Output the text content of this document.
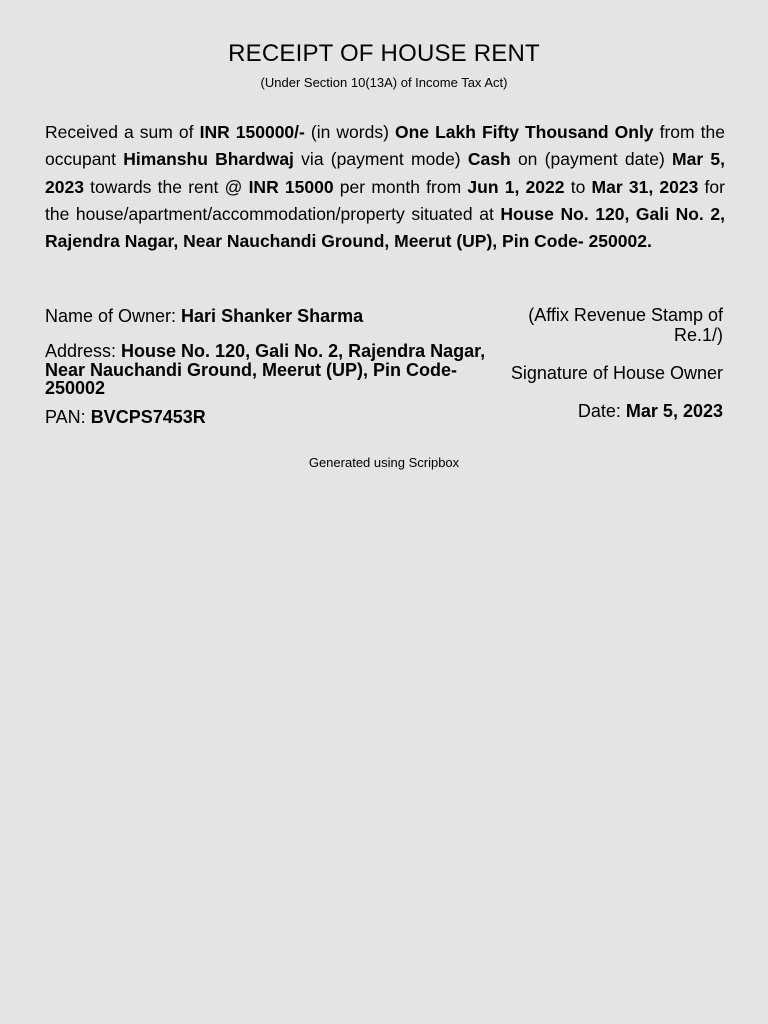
RECEIPT OF HOUSE RENT
(Under Section 10(13A) of Income Tax Act)
Received a sum of INR 150000/- (in words) One Lakh Fifty Thousand Only from the occupant Himanshu Bhardwaj via (payment mode) Cash on (payment date) Mar 5, 2023 towards the rent @ INR 15000 per month from Jun 1, 2022 to Mar 31, 2023 for the house/apartment/accommodation/property situated at House No. 120, Gali No. 2, Rajendra Nagar, Near Nauchandi Ground, Meerut (UP), Pin Code- 250002.
Name of Owner: Hari Shanker Sharma
Address: House No. 120, Gali No. 2, Rajendra Nagar, Near Nauchandi Ground, Meerut (UP), Pin Code-250002
PAN: BVCPS7453R
(Affix Revenue Stamp of Re.1/)
Signature of House Owner
Date: Mar 5, 2023
Generated using Scripbox
